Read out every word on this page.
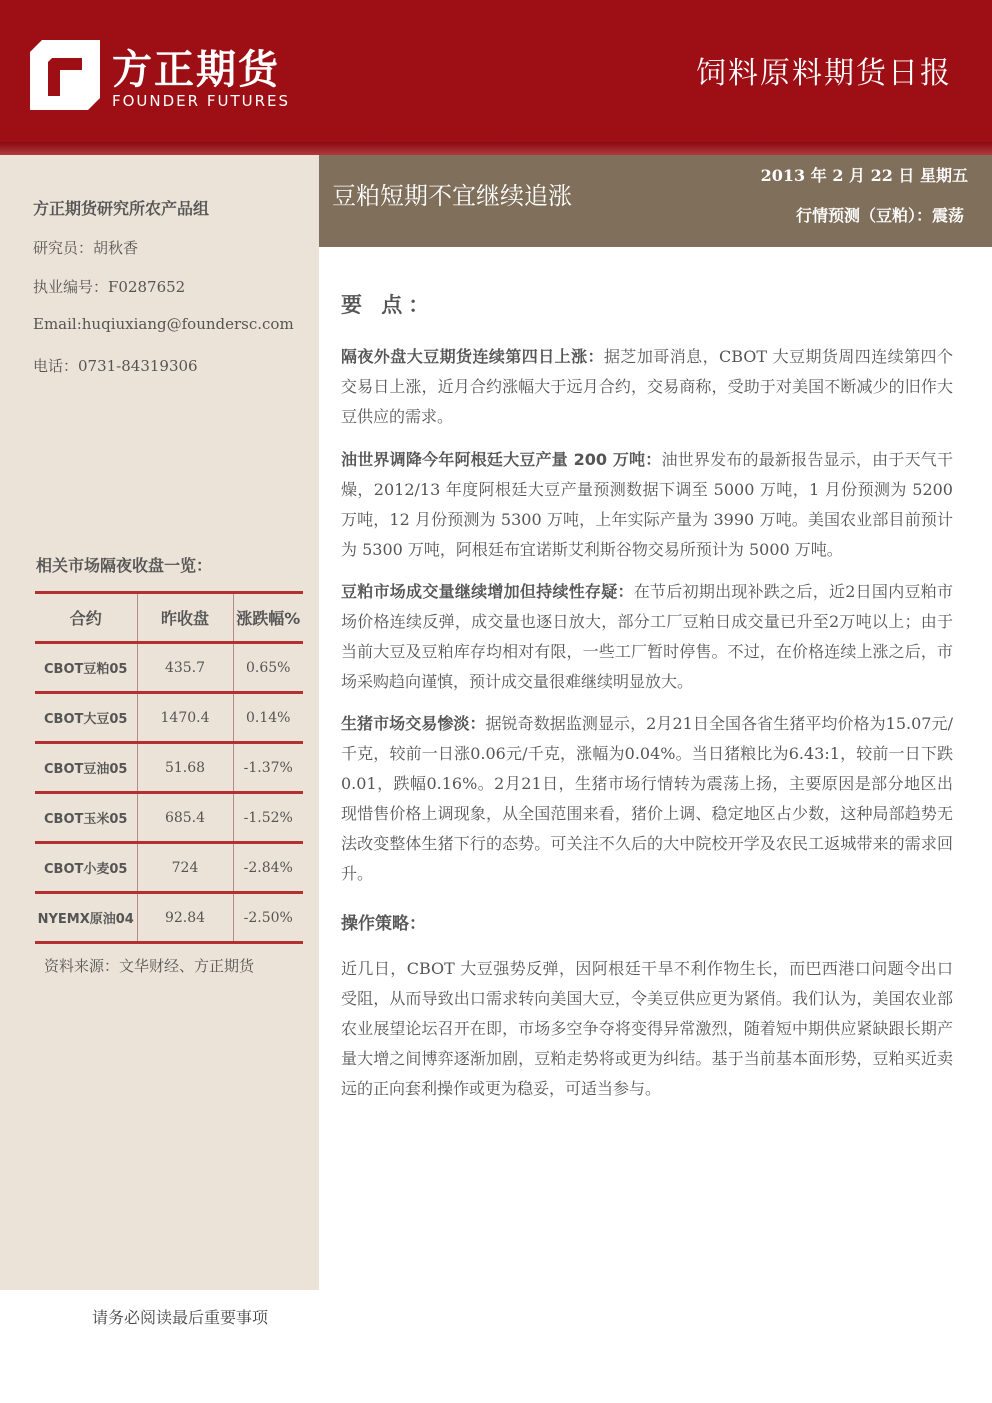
方正期货
FOUNDER FUTURES
饲料原料期货日报
方正期货研究所农产品组
研究员：胡秋香
执业编号：F0287652
Email:huqiuxiang@foundersc.com
电话：0731-84319306
相关市场隔夜收盘一览：
合约	昨收盘	涨跌幅%
CBOT豆粕05	435.7	0.65%
CBOT大豆05	1470.4	0.14%
CBOT豆油05	51.68	-1.37%
CBOT玉米05	685.4	-1.52%
CBOT小麦05	724	-2.84%
NYEMX原油04	92.84	-2.50%
资料来源：文华财经、方正期货
请务必阅读最后重要事项
豆粕短期不宜继续追涨
2013 年 2 月 22 日 星期五
行情预测（豆粕）：震荡
要 点：
隔夜外盘大豆期货连续第四日上涨：据芝加哥消息，CBOT 大豆期货周四连续第四个交易日上涨，近月合约涨幅大于远月合约，交易商称，受助于对美国不断减少的旧作大豆供应的需求。
油世界调降今年阿根廷大豆产量 200 万吨：油世界发布的最新报告显示，由于天气干燥，2012/13 年度阿根廷大豆产量预测数据下调至 5000 万吨，1 月份预测为 5200 万吨，12 月份预测为 5300 万吨，上年实际产量为 3990 万吨。美国农业部目前预计为 5300 万吨，阿根廷布宜诺斯艾利斯谷物交易所预计为 5000 万吨。
豆粕市场成交量继续增加但持续性存疑：在节后初期出现补跌之后，近2日国内豆粕市场价格连续反弹，成交量也逐日放大，部分工厂豆粕日成交量已升至2万吨以上；由于当前大豆及豆粕库存均相对有限，一些工厂暂时停售。不过，在价格连续上涨之后，市场采购趋向谨慎，预计成交量很难继续明显放大。
生猪市场交易惨淡：据锐奇数据监测显示，2月21日全国各省生猪平均价格为15.07元/千克，较前一日涨0.06元/千克，涨幅为0.04%。当日猪粮比为6.43:1，较前一日下跌0.01，跌幅0.16%。2月21日，生猪市场行情转为震荡上扬，主要原因是部分地区出现惜售价格上调现象，从全国范围来看，猪价上调、稳定地区占少数，这种局部趋势无法改变整体生猪下行的态势。可关注不久后的大中院校开学及农民工返城带来的需求回升。
操作策略：
近几日，CBOT 大豆强势反弹，因阿根廷干旱不利作物生长，而巴西港口问题令出口受阻，从而导致出口需求转向美国大豆，令美豆供应更为紧俏。我们认为，美国农业部农业展望论坛召开在即，市场多空争夺将变得异常激烈，随着短中期供应紧缺跟长期产量大增之间博弈逐渐加剧，豆粕走势将或更为纠结。基于当前基本面形势，豆粕买近卖远的正向套利操作或更为稳妥，可适当参与。
